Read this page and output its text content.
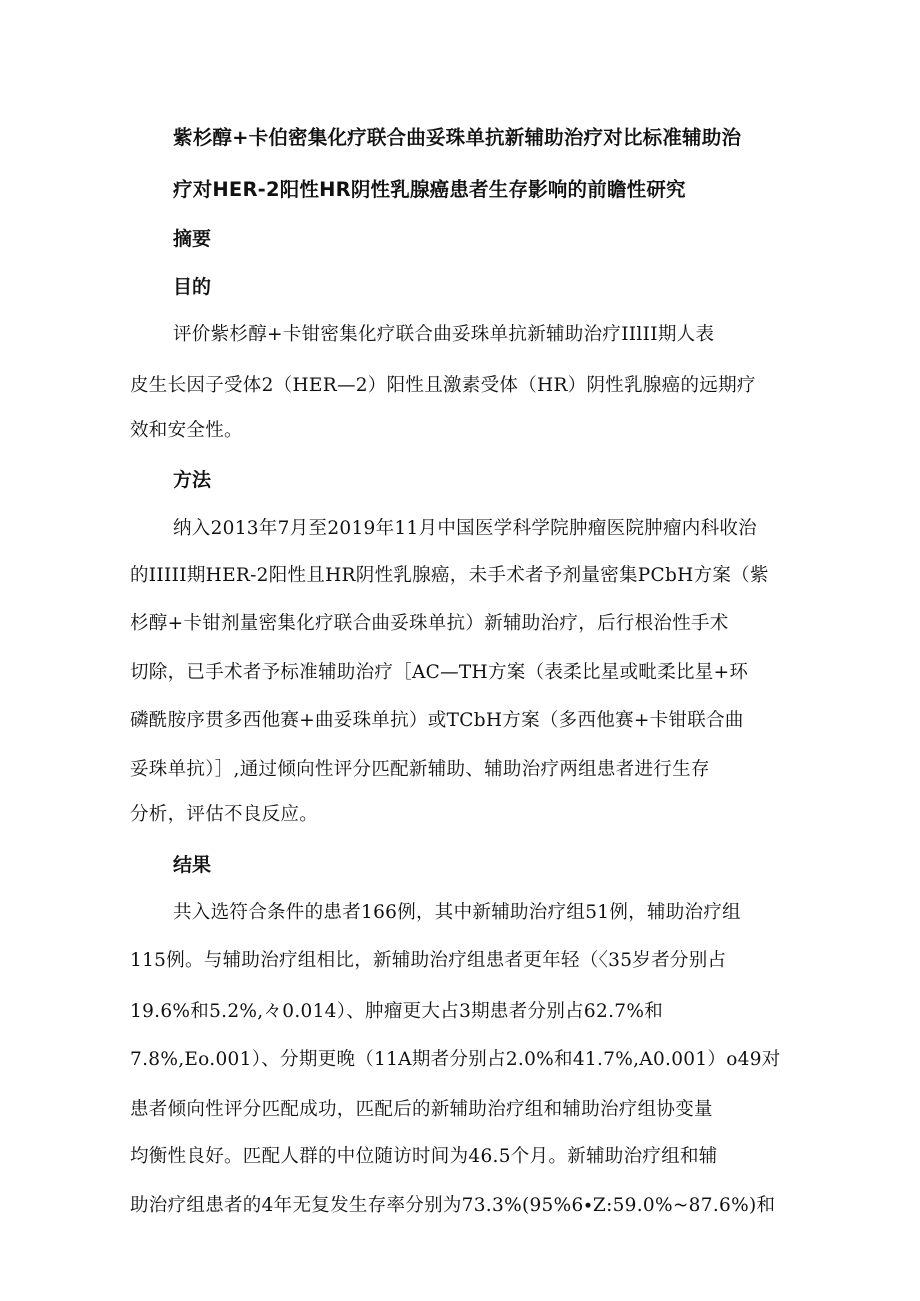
紫杉醇+卡伯密集化疗联合曲妥珠单抗新辅助治疗对比标准辅助治
疗对HER-2阳性HR阴性乳腺癌患者生存影响的前瞻性研究
摘要
目的
评价紫杉醇+卡钳密集化疗联合曲妥珠单抗新辅助治疗IIlII期人表
皮生长因子受体2（HER—2）阳性且激素受体（HR）阴性乳腺癌的远期疗
效和安全性。
方法
纳入2013年7月至2019年11月中国医学科学院肿瘤医院肿瘤内科收治
的IIIII期HER-2阳性且HR阴性乳腺癌，未手术者予剂量密集PCbH方案（紫
杉醇+卡钳剂量密集化疗联合曲妥珠单抗）新辅助治疗，后行根治性手术
切除，已手术者予标准辅助治疗［AC—TH方案（表柔比星或毗柔比星+环
磷酰胺序贯多西他赛+曲妥珠单抗）或TCbH方案（多西他赛+卡钳联合曲
妥珠单抗）］,通过倾向性评分匹配新辅助、辅助治疗两组患者进行生存
分析，评估不良反应。
结果
共入选符合条件的患者166例，其中新辅助治疗组51例，辅助治疗组
115例。与辅助治疗组相比，新辅助治疗组患者更年轻（〈35岁者分别占
19.6%和5.2%,々0.014）、肿瘤更大占3期患者分别占62.7%和
7.8%,Eo.001）、分期更晚（11A期者分别占2.0%和41.7%,A0.001）o49对
患者倾向性评分匹配成功，匹配后的新辅助治疗组和辅助治疗组协变量
均衡性良好。匹配人群的中位随访时间为46.5个月。新辅助治疗组和辅
助治疗组患者的4年无复发生存率分别为73.3%(95%6∙Z:59.0%~87.6%)和
